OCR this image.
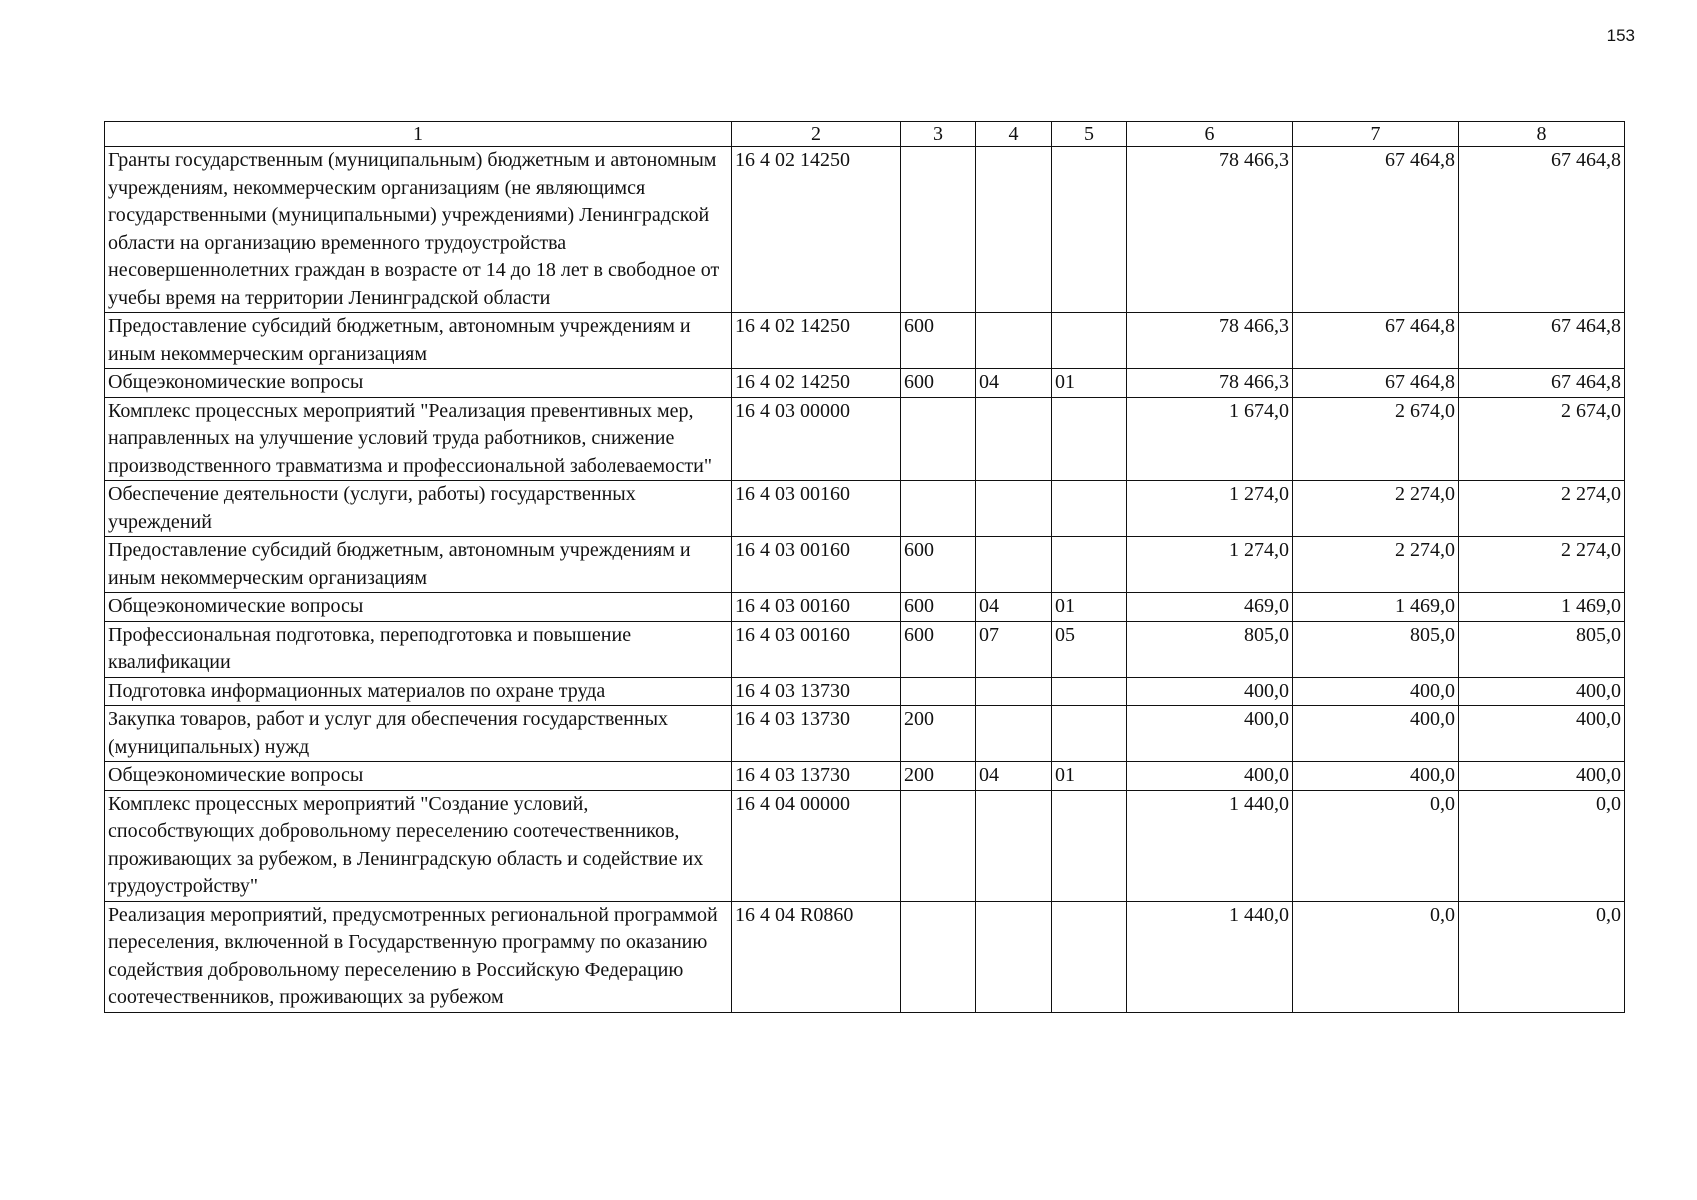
153
1	2	3	4	5	6	7	8
Гранты государственным (муниципальным) бюджетным и автономным учреждениям, некоммерческим организациям (не являющимся государственными (муниципальными) учреждениями) Ленинградской области на организацию временного трудоустройства несовершеннолетних граждан в возрасте от 14 до 18 лет в свободное от учебы время на территории Ленинградской области	16 4 02 14250				78 466,3	67 464,8	67 464,8
Предоставление субсидий бюджетным, автономным учреждениям и иным некоммерческим организациям	16 4 02 14250	600			78 466,3	67 464,8	67 464,8
Общеэкономические вопросы	16 4 02 14250	600	04	01	78 466,3	67 464,8	67 464,8
Комплекс процессных мероприятий "Реализация превентивных мер, направленных на улучшение условий труда работников, снижение производственного травматизма и профессиональной заболеваемости"	16 4 03 00000				1 674,0	2 674,0	2 674,0
Обеспечение деятельности (услуги, работы) государственных учреждений	16 4 03 00160				1 274,0	2 274,0	2 274,0
Предоставление субсидий бюджетным, автономным учреждениям и иным некоммерческим организациям	16 4 03 00160	600			1 274,0	2 274,0	2 274,0
Общеэкономические вопросы	16 4 03 00160	600	04	01	469,0	1 469,0	1 469,0
Профессиональная подготовка, переподготовка и повышение квалификации	16 4 03 00160	600	07	05	805,0	805,0	805,0
Подготовка информационных материалов по охране труда	16 4 03 13730				400,0	400,0	400,0
Закупка товаров, работ и услуг для обеспечения государственных (муниципальных) нужд	16 4 03 13730	200			400,0	400,0	400,0
Общеэкономические вопросы	16 4 03 13730	200	04	01	400,0	400,0	400,0
Комплекс процессных мероприятий "Создание условий, способствующих добровольному переселению соотечественников, проживающих за рубежом, в Ленинградскую область и содействие их трудоустройству"	16 4 04 00000				1 440,0	0,0	0,0
Реализация мероприятий, предусмотренных региональной программой переселения, включенной в Государственную программу по оказанию содействия добровольному переселению в Российскую Федерацию соотечественников, проживающих за рубежом	16 4 04 R0860				1 440,0	0,0	0,0
